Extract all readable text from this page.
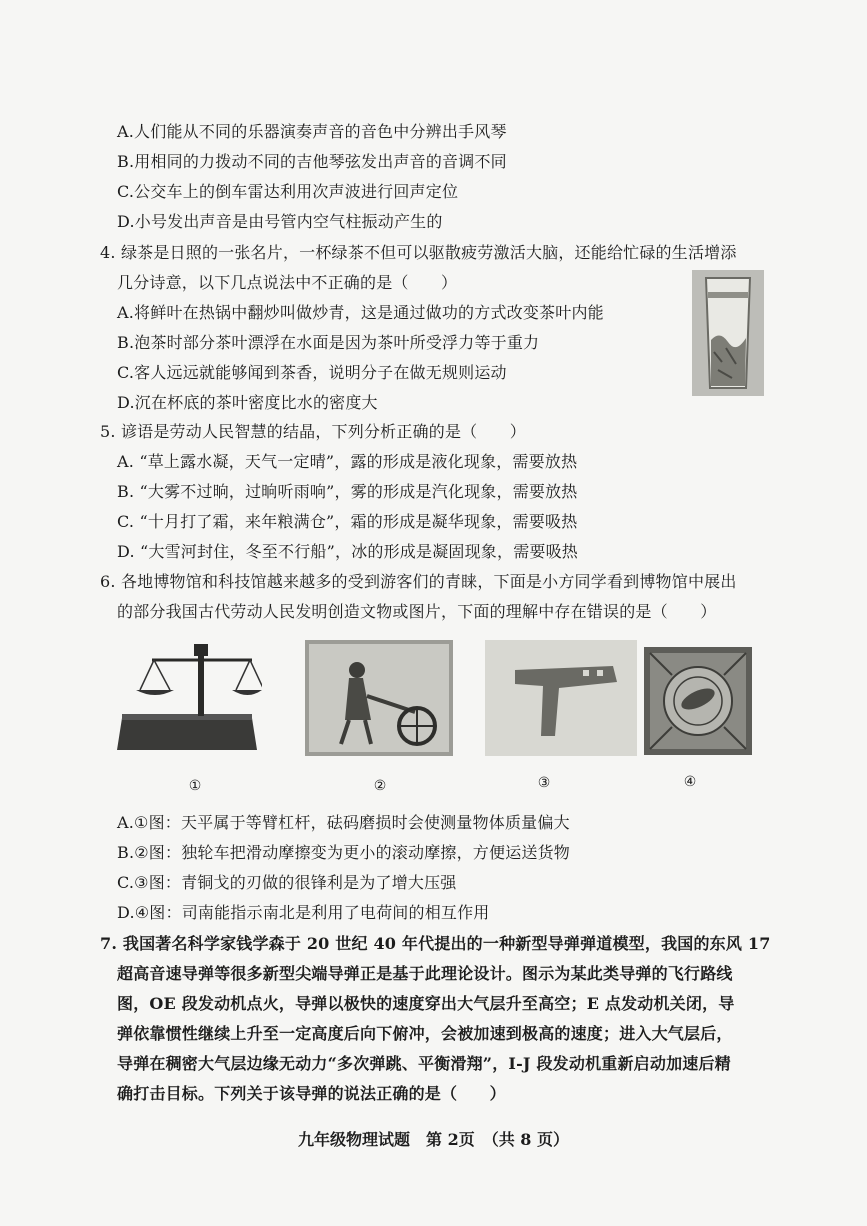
A.人们能从不同的乐器演奏声音的音色中分辨出手风琴
B.用相同的力拨动不同的吉他琴弦发出声音的音调不同
C.公交车上的倒车雷达利用次声波进行回声定位
D.小号发出声音是由号管内空气柱振动产生的
4. 绿茶是日照的一张名片，一杯绿茶不但可以驱散疲劳激活大脑，还能给忙碌的生活增添
几分诗意，以下几点说法中不正确的是（　　）
A.将鲜叶在热锅中翻炒叫做炒青，这是通过做功的方式改变茶叶内能
B.泡茶时部分茶叶漂浮在水面是因为茶叶所受浮力等于重力
C.客人远远就能够闻到茶香，说明分子在做无规则运动
D.沉在杯底的茶叶密度比水的密度大
5. 谚语是劳动人民智慧的结晶，下列分析正确的是（　　）
A. “草上露水凝，天气一定晴”，露的形成是液化现象，需要放热
B. “大雾不过晌，过晌听雨响”，雾的形成是汽化现象，需要放热
C. “十月打了霜，来年粮满仓”，霜的形成是凝华现象，需要吸热
D. “大雪河封住，冬至不行船”，冰的形成是凝固现象，需要吸热
6. 各地博物馆和科技馆越来越多的受到游客们的青睐，下面是小方同学看到博物馆中展出
的部分我国古代劳动人民发明创造文物或图片，下面的理解中存在错误的是（　　）
①	②	③	④
A.①图：天平属于等臂杠杆，砝码磨损时会使测量物体质量偏大
B.②图：独轮车把滑动摩擦变为更小的滚动摩擦，方便运送货物
C.③图：青铜戈的刃做的很锋利是为了增大压强
D.④图：司南能指示南北是利用了电荷间的相互作用
7. 我国著名科学家钱学森于 20 世纪 40 年代提出的一种新型导弹弹道模型，我国的东风 17
超高音速导弹等很多新型尖端导弹正是基于此理论设计。图示为某此类导弹的飞行路线
图，OE 段发动机点火，导弹以极快的速度穿出大气层升至高空；E 点发动机关闭，导
弹依靠惯性继续上升至一定高度后向下俯冲，会被加速到极高的速度；进入大气层后，
导弹在稠密大气层边缘无动力“多次弹跳、平衡滑翔”，I-J 段发动机重新启动加速后精
确打击目标。下列关于该导弹的说法正确的是（　　）
九年级物理试题　第 2页　（共 8 页）
